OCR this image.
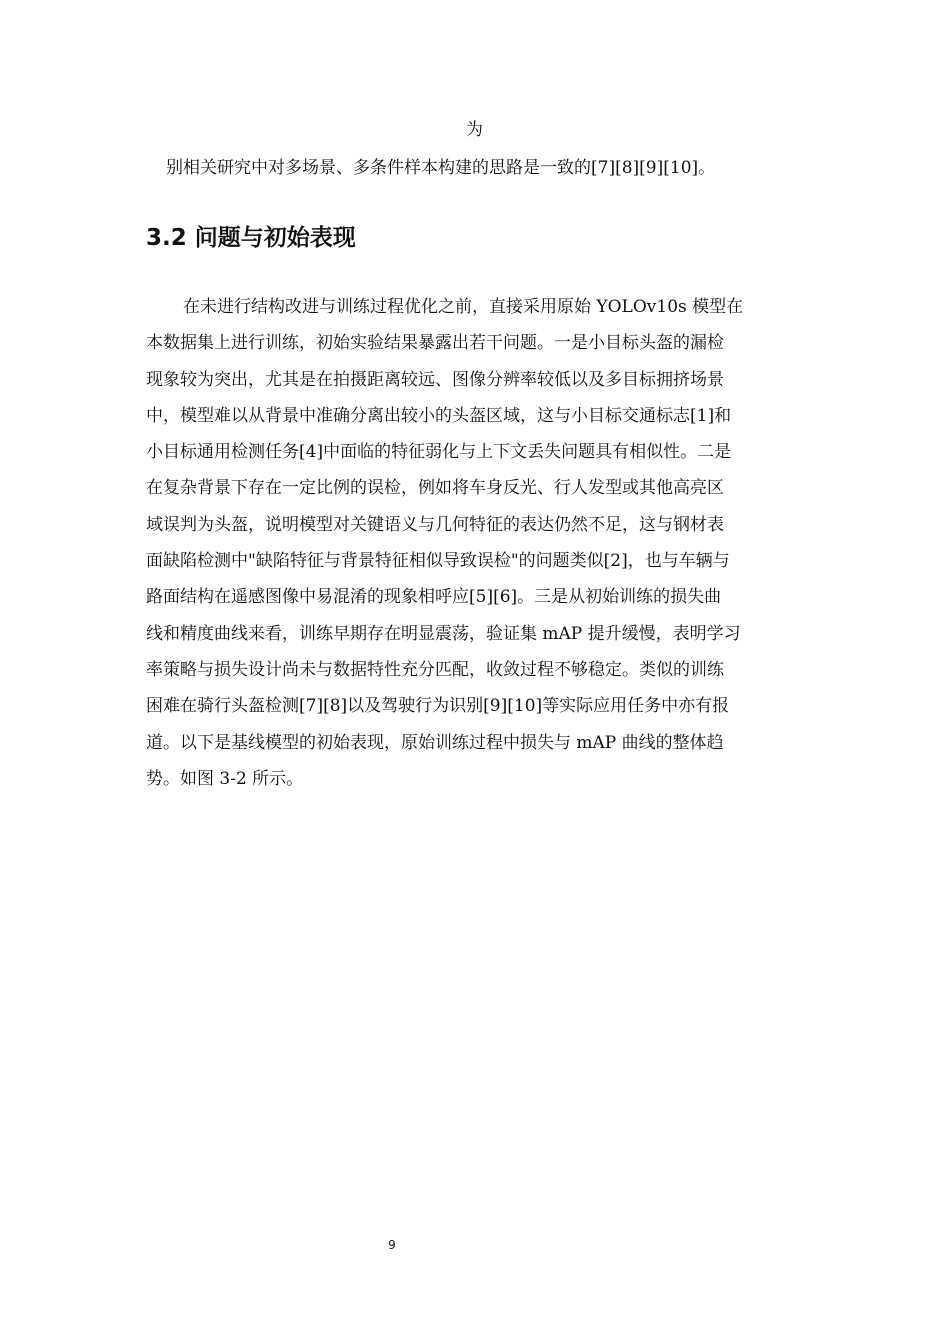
为
别相关研究中对多场景、多条件样本构建的思路是一致的[7][8][9][10]。
3.2 问题与初始表现
在未进行结构改进与训练过程优化之前，直接采用原始 YOLOv10s 模型在
本数据集上进行训练，初始实验结果暴露出若干问题。一是小目标头盔的漏检
现象较为突出，尤其是在拍摄距离较远、图像分辨率较低以及多目标拥挤场景
中，模型难以从背景中准确分离出较小的头盔区域，这与小目标交通标志[1]和
小目标通用检测任务[4]中面临的特征弱化与上下文丢失问题具有相似性。二是
在复杂背景下存在一定比例的误检，例如将车身反光、行人发型或其他高亮区
域误判为头盔，说明模型对关键语义与几何特征的表达仍然不足，这与钢材表
面缺陷检测中"缺陷特征与背景特征相似导致误检"的问题类似[2]，也与车辆与
路面结构在遥感图像中易混淆的现象相呼应[5][6]。三是从初始训练的损失曲
线和精度曲线来看，训练早期存在明显震荡，验证集 mAP 提升缓慢，表明学习
率策略与损失设计尚未与数据特性充分匹配，收敛过程不够稳定。类似的训练
困难在骑行头盔检测[7][8]以及驾驶行为识别[9][10]等实际应用任务中亦有报
道。以下是基线模型的初始表现，原始训练过程中损失与 mAP 曲线的整体趋
势。如图 3-2 所示。
9
